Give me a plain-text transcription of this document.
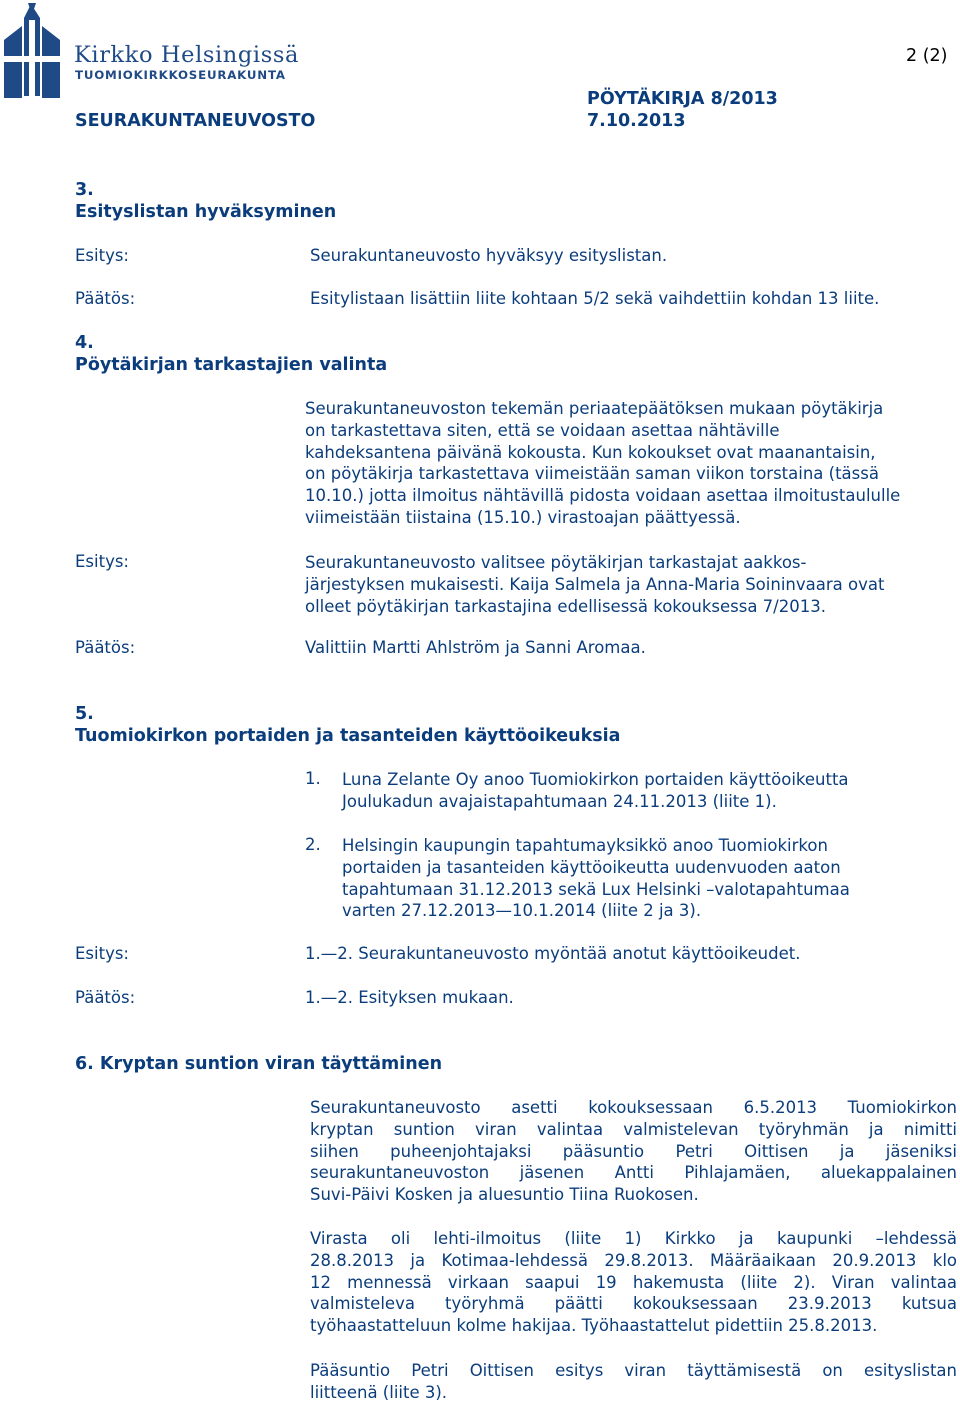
Kirkko Helsingissä
TUOMIOKIRKKOSEURAKUNTA
2 (2)
PÖYTÄKIRJA 8/2013
SEURAKUNTANEUVOSTO	7.10.2013
3.
Esityslistan hyväksyminen
Esitys:	Seurakuntaneuvosto hyväksyy esityslistan.
Päätös:	Esitylistaan lisättiin liite kohtaan 5/2 sekä vaihdettiin kohdan 13 liite.
4.
Pöytäkirjan tarkastajien valinta
Seurakuntaneuvoston tekemän periaatepäätöksen mukaan pöytäkirja
on tarkastettava siten, että se voidaan asettaa nähtäville
kahdeksantena päivänä kokousta. Kun kokoukset ovat maanantaisin,
on pöytäkirja tarkastettava viimeistään saman viikon torstaina (tässä
10.10.) jotta ilmoitus nähtävillä pidosta voidaan asettaa ilmoitustaululle
viimeistään tiistaina (15.10.) virastoajan päättyessä.
Esitys:	Seurakuntaneuvosto valitsee pöytäkirjan tarkastajat aakkos-
järjestyksen mukaisesti. Kaija Salmela ja Anna-Maria Soininvaara ovat
olleet pöytäkirjan tarkastajina edellisessä kokouksessa 7/2013.
Päätös:	Valittiin Martti Ahlström ja Sanni Aromaa.
5.
Tuomiokirkon portaiden ja tasanteiden käyttöoikeuksia
1. Luna Zelante Oy anoo Tuomiokirkon portaiden käyttöoikeutta
Joulukadun avajaistapahtumaan 24.11.2013 (liite 1).
2. Helsingin kaupungin tapahtumayksikkö anoo Tuomiokirkon
portaiden ja tasanteiden käyttöoikeutta uudenvuoden aaton
tapahtumaan 31.12.2013 sekä Lux Helsinki –valotapahtumaa
varten 27.12.2013—10.1.2014 (liite 2 ja 3).
Esitys:	1.—2. Seurakuntaneuvosto myöntää anotut käyttöoikeudet.
Päätös:	1.—2. Esityksen mukaan.
6. Kryptan suntion viran täyttäminen
Seurakuntaneuvosto asetti kokouksessaan 6.5.2013 Tuomiokirkon
kryptan suntion viran valintaa valmistelevan työryhmän ja nimitti
siihen puheenjohtajaksi pääsuntio Petri Oittisen ja jäseniksi
seurakuntaneuvoston jäsenen Antti Pihlajamäen, aluekappalainen
Suvi-Päivi Kosken ja aluesuntio Tiina Ruokosen.
Virasta oli lehti-ilmoitus (liite 1) Kirkko ja kaupunki –lehdessä
28.8.2013 ja Kotimaa-lehdessä 29.8.2013. Määräaikaan 20.9.2013 klo
12 mennessä virkaan saapui 19 hakemusta (liite 2). Viran valintaa
valmisteleva työryhmä päätti kokouksessaan 23.9.2013 kutsua
työhaastatteluun kolme hakijaa. Työhaastattelut pidettiin 25.8.2013.
Pääsuntio Petri Oittisen esitys viran täyttämisestä on esityslistan
liitteenä (liite 3).
